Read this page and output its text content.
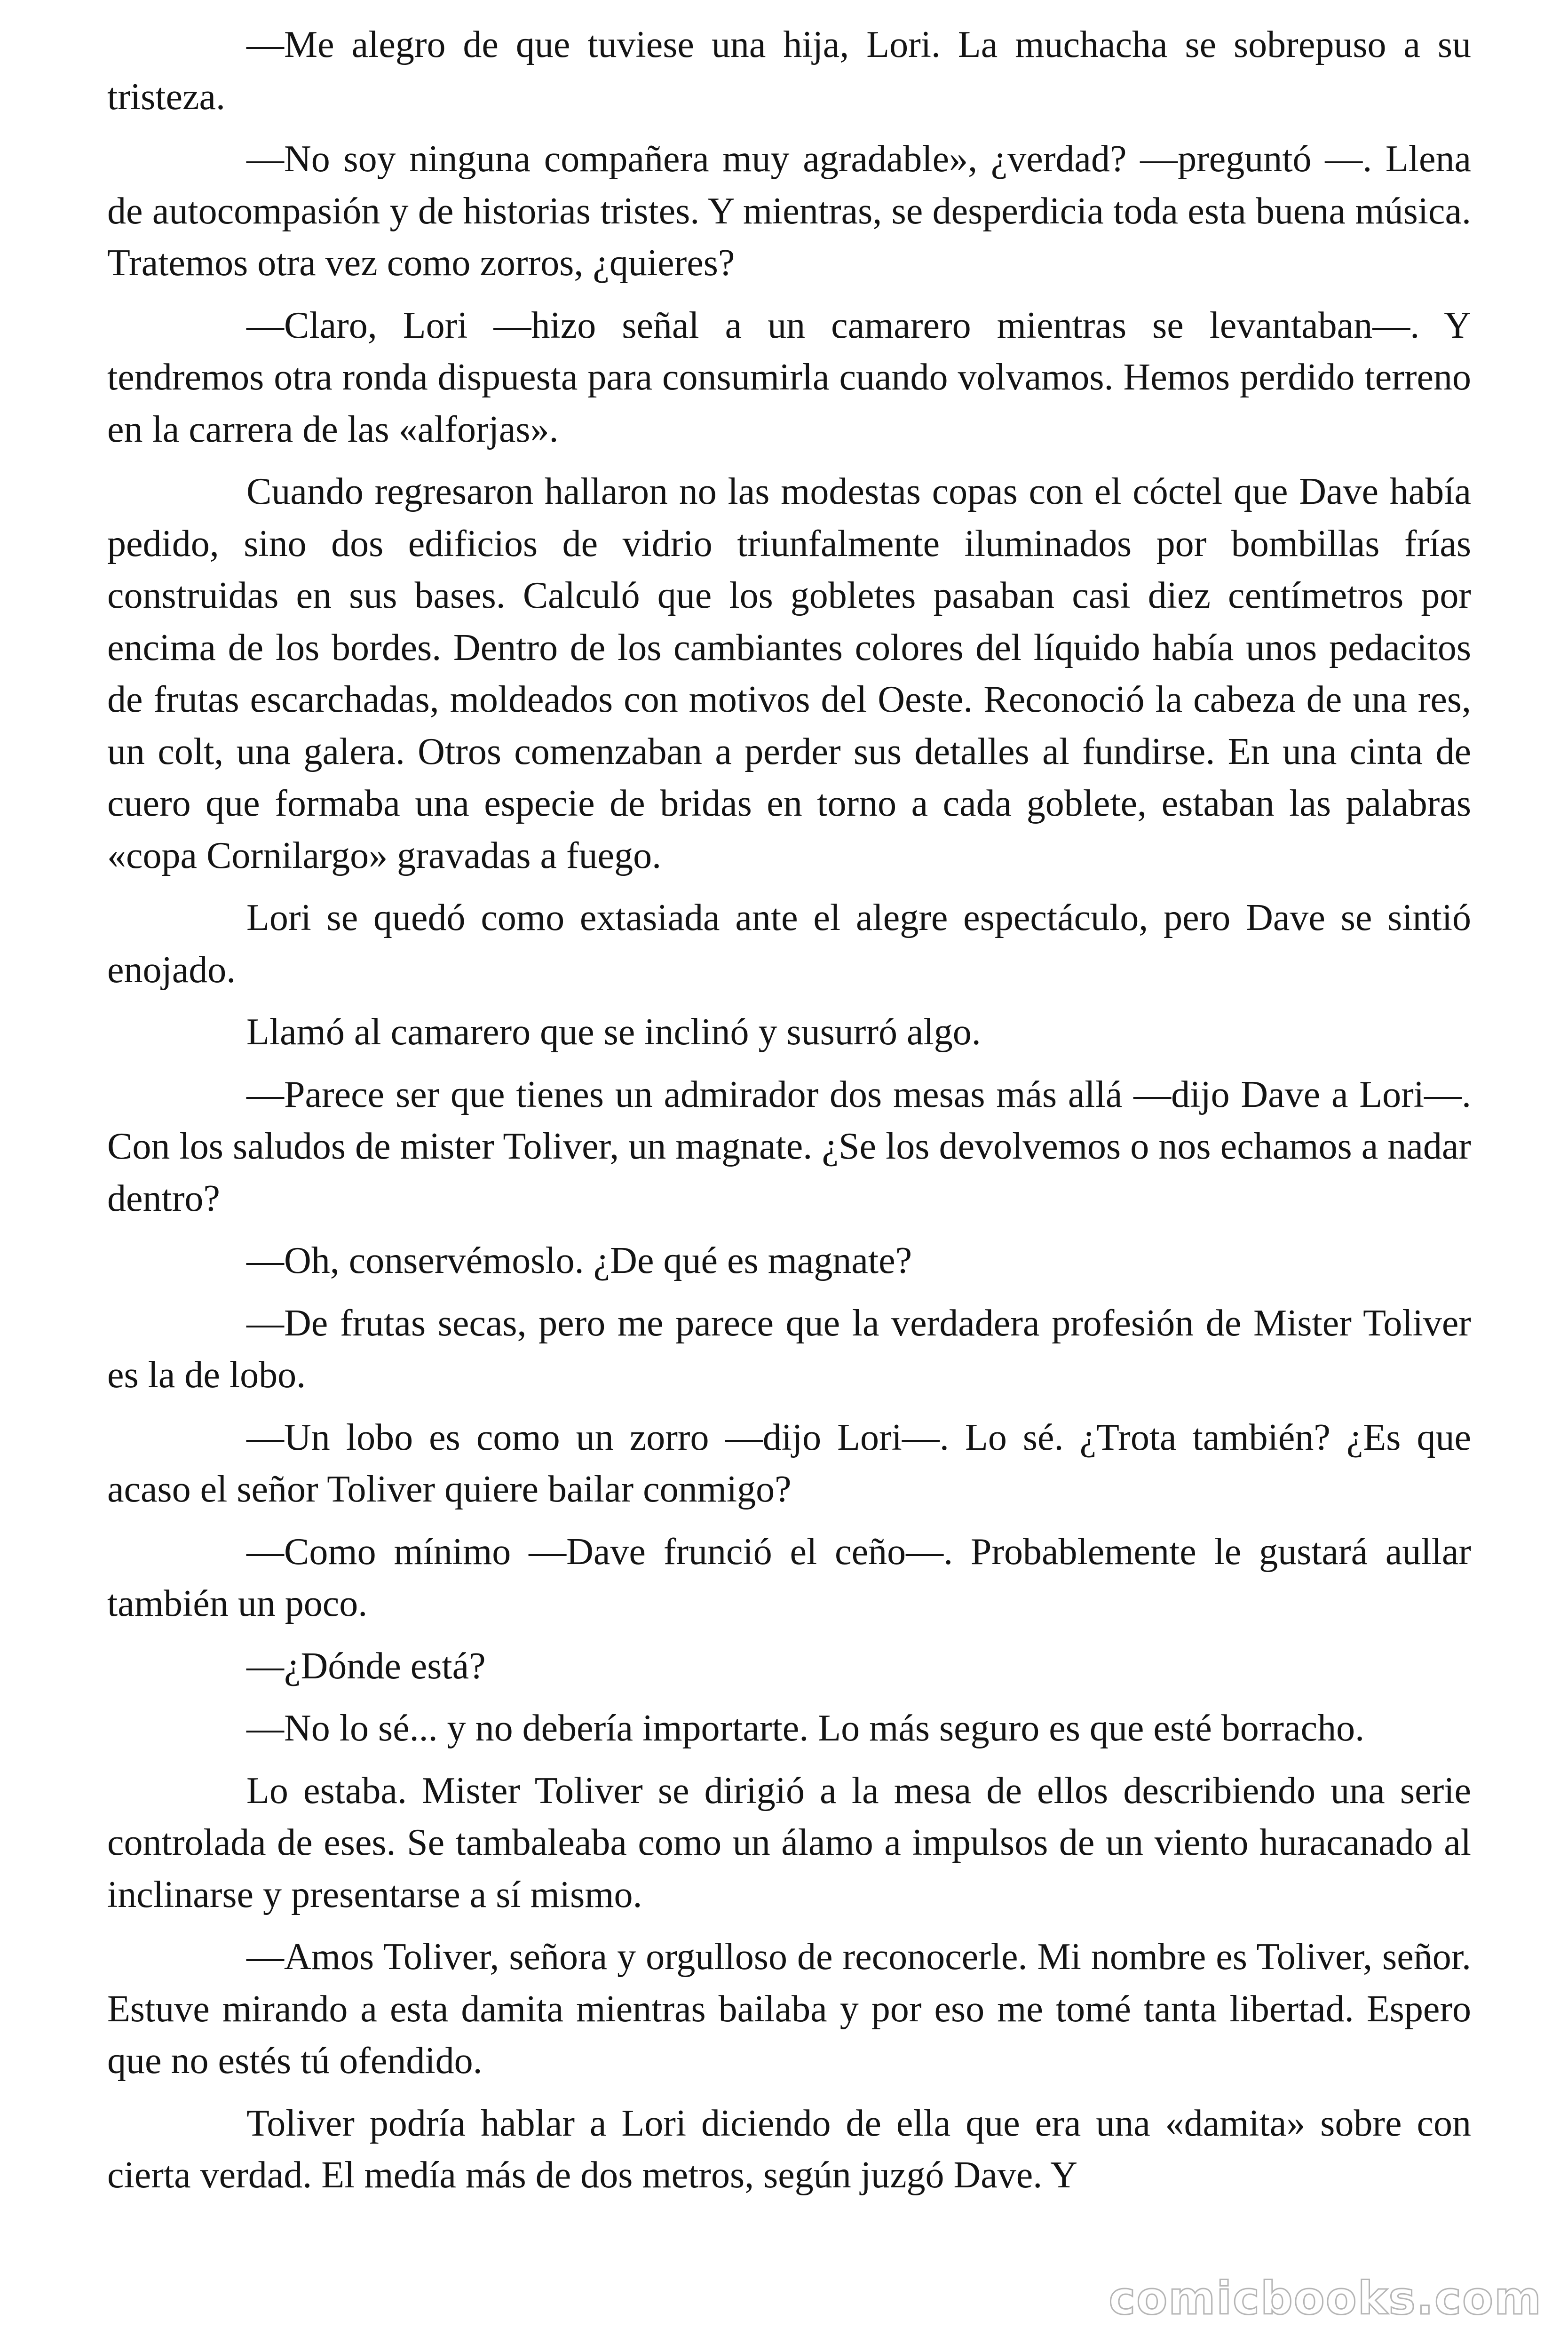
—Me alegro de que tuviese una hija, Lori. La muchacha se sobrepuso a su tristeza.

—No soy ninguna compañera muy agradable», ¿verdad? —preguntó —. Llena de autocompasión y de historias tristes. Y mientras, se desperdicia toda esta buena música. Tratemos otra vez como zorros, ¿quieres?

—Claro, Lori —hizo señal a un camarero mientras se levantaban—. Y tendremos otra ronda dispuesta para consumirla cuando volvamos. Hemos perdido terreno en la carrera de las «alforjas».

Cuando regresaron hallaron no las modestas copas con el cóctel que Dave había pedido, sino dos edificios de vidrio triunfalmente iluminados por bombillas frías construidas en sus bases. Calculó que los gobletes pasaban casi diez centímetros por encima de los bordes. Dentro de los cambiantes colores del líquido había unos pedacitos de frutas escarchadas, moldeados con motivos del Oeste. Reconoció la cabeza de una res, un colt, una galera. Otros comenzaban a perder sus detalles al fundirse. En una cinta de cuero que formaba una especie de bridas en torno a cada goblete, estaban las palabras «copa Cornilargo» gravadas a fuego.

Lori se quedó como extasiada ante el alegre espectáculo, pero Dave se sintió enojado.

Llamó al camarero que se inclinó y susurró algo.

—Parece ser que tienes un admirador dos mesas más allá —dijo Dave a Lori—. Con los saludos de mister Toliver, un magnate. ¿Se los devolvemos o nos echamos a nadar dentro?

—Oh, conservémoslo. ¿De qué es magnate?

—De frutas secas, pero me parece que la verdadera profesión de Mister Toliver es la de lobo.

—Un lobo es como un zorro —dijo Lori—. Lo sé. ¿Trota también? ¿Es que acaso el señor Toliver quiere bailar conmigo?

—Como mínimo —Dave frunció el ceño—. Probablemente le gustará aullar también un poco.

—¿Dónde está?

—No lo sé... y no debería importarte. Lo más seguro es que esté borracho.

Lo estaba. Mister Toliver se dirigió a la mesa de ellos describiendo una serie controlada de eses. Se tambaleaba como un álamo a impulsos de un viento huracanado al inclinarse y presentarse a sí mismo.

—Amos Toliver, señora y orgulloso de reconocerle. Mi nombre es Toliver, señor. Estuve mirando a esta damita mientras bailaba y por eso me tomé tanta libertad. Espero que no estés tú ofendido.

Toliver podría hablar a Lori diciendo de ella que era una «damita» sobre con cierta verdad. El medía más de dos metros, según juzgó Dave. Y

comicbooks.com
